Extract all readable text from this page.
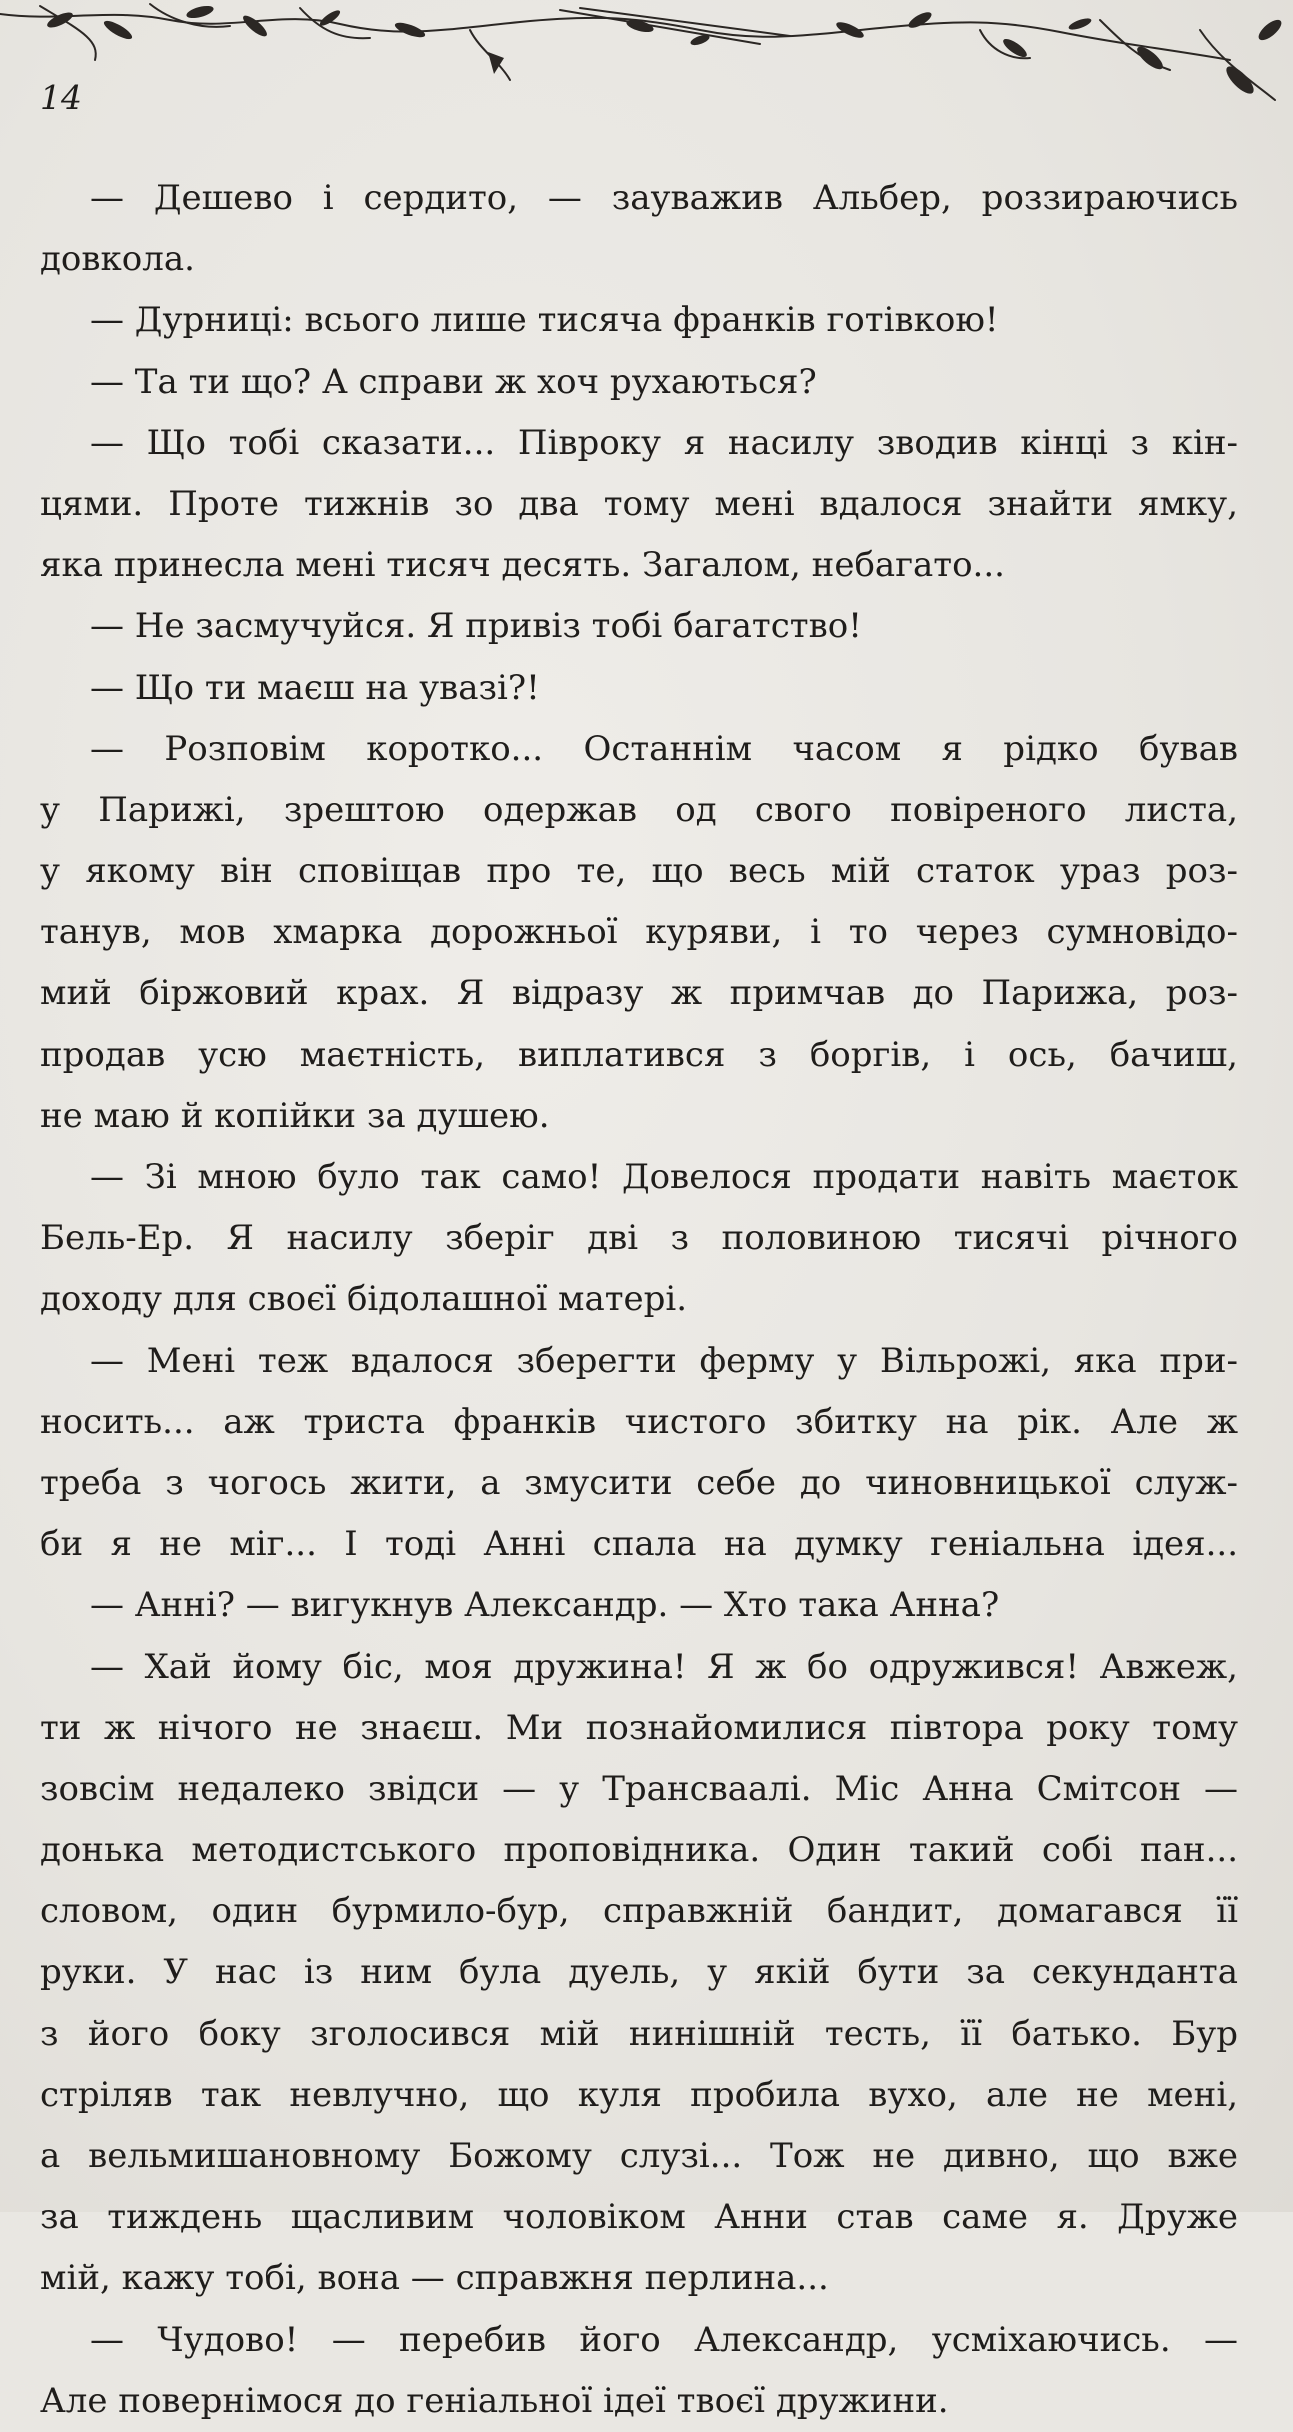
14
— Дешево і сердито, — зауважив Альбер, роззираючись
довкола.
— Дурниці: всього лише тисяча франків готівкою!
— Та ти що? А справи ж хоч рухаються?
— Що тобі сказати... Півроку я насилу зводив кінці з кін-
цями. Проте тижнів зо два тому мені вдалося знайти ямку,
яка принесла мені тисяч десять. Загалом, небагато...
— Не засмучуйся. Я привіз тобі багатство!
— Що ти маєш на увазі?!
— Розповім коротко... Останнім часом я рідко бував
у Парижі, зрештою одержав од свого повіреного листа,
у якому він сповіщав про те, що весь мій статок ураз роз-
танув, мов хмарка дорожньої куряви, і то через сумновідо-
мий біржовий крах. Я відразу ж примчав до Парижа, роз-
продав усю маєтність, виплатився з боргів, і ось, бачиш,
не маю й копійки за душею.
— Зі мною було так само! Довелося продати навіть маєток
Бель-Ер. Я насилу зберіг дві з половиною тисячі річного
доходу для своєї бідолашної матері.
— Мені теж вдалося зберегти ферму у Вільрожі, яка при-
носить... аж триста франків чистого збитку на рік. Але ж
треба з чогось жити, а змусити себе до чиновницької служ-
би я не міг... І тоді Анні спала на думку геніальна ідея...
— Анні? — вигукнув Александр. — Хто така Анна?
— Хай йому біс, моя дружина! Я ж бо одружився! Авжеж,
ти ж нічого не знаєш. Ми познайомилися півтора року тому
зовсім недалеко звідси — у Трансваалі. Міс Анна Смітсон —
донька методистського проповідника. Один такий собі пан...
словом, один бурмило-бур, справжній бандит, домагався її
руки. У нас із ним була дуель, у якій бути за секунданта
з його боку зголосився мій нинішній тесть, її батько. Бур
стріляв так невлучно, що куля пробила вухо, але не мені,
а вельмишановному Божому слузі... Тож не дивно, що вже
за тиждень щасливим чоловіком Анни став саме я. Друже
мій, кажу тобі, вона — справжня перлина...
— Чудово! — перебив його Александр, усміхаючись. —
Але повернімося до геніальної ідеї твоєї дружини.
